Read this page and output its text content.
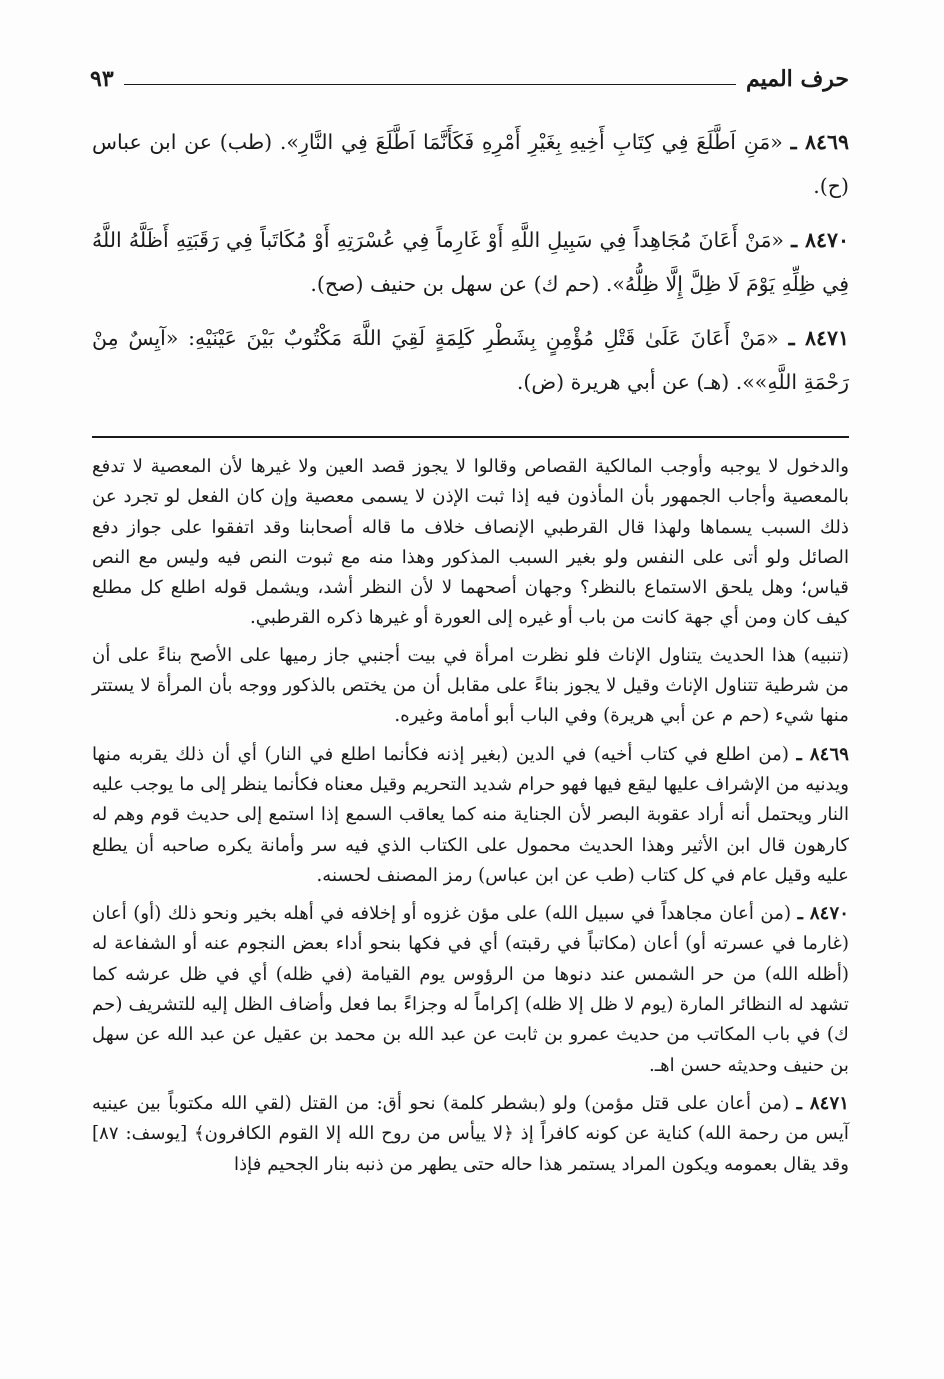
حرف الميم
٩٣

٨٤٦٩ ـ «مَنِ اَطَّلَعَ فِي كِتَابِ أَخِيهِ بِغَيْرِ أَمْرِهِ فَكَأَنَّمَا اَطَّلَعَ فِي النَّارِ». (طب) عن ابن عباس (ح).

٨٤٧٠ ـ «مَنْ أَعَانَ مُجَاهِداً فِي سَبِيلِ اللَّهِ أَوْ غَارِماً فِي عُسْرَتِهِ أَوْ مُكَاتَباً فِي رَقَبَتِهِ أَظَلَّهُ اللَّهُ فِي ظِلِّهِ يَوْمَ لَا ظِلَّ إِلَّا ظِلُّهُ». (حم ك) عن سهل بن حنيف (صح).

٨٤٧١ ـ «مَنْ أَعَانَ عَلَىٰ قَتْلِ مُؤْمِنٍ بِشَطْرِ كَلِمَةٍ لَقِيَ اللَّهَ مَكْتُوبٌ بَيْنَ عَيْنَيْهِ: «آيِسٌ مِنْ رَحْمَةِ اللَّهِ»». (هـ) عن أبي هريرة (ض).

والدخول لا يوجبه وأوجب المالكية القصاص وقالوا لا يجوز قصد العين ولا غيرها لأن المعصية لا تدفع بالمعصية وأجاب الجمهور بأن المأذون فيه إذا ثبت الإذن لا يسمى معصية وإن كان الفعل لو تجرد عن ذلك السبب يسماها ولهذا قال القرطبي الإنصاف خلاف ما قاله أصحابنا وقد اتفقوا على جواز دفع الصائل ولو أتى على النفس ولو بغير السبب المذكور وهذا منه مع ثبوت النص فيه وليس مع النص قياس؛ وهل يلحق الاستماع بالنظر؟ وجهان أصحهما لا لأن النظر أشد، ويشمل قوله اطلع كل مطلع كيف كان ومن أي جهة كانت من باب أو غيره إلى العورة أو غيرها ذكره القرطبي.

(تنبيه) هذا الحديث يتناول الإناث فلو نظرت امرأة في بيت أجنبي جاز رميها على الأصح بناءً على أن من شرطية تتناول الإناث وقيل لا يجوز بناءً على مقابل أن من يختص بالذكور ووجه بأن المرأة لا يستتر منها شيء (حم م عن أبي هريرة) وفي الباب أبو أمامة وغيره.

٨٤٦٩ ـ (من اطلع في كتاب أخيه) في الدين (بغير إذنه فكأنما اطلع في النار) أي أن ذلك يقربه منها ويدنيه من الإشراف عليها ليقع فيها فهو حرام شديد التحريم وقيل معناه فكأنما ينظر إلى ما يوجب عليه النار ويحتمل أنه أراد عقوبة البصر لأن الجناية منه كما يعاقب السمع إذا استمع إلى حديث قوم وهم له كارهون قال ابن الأثير وهذا الحديث محمول على الكتاب الذي فيه سر وأمانة يكره صاحبه أن يطلع عليه وقيل عام في كل كتاب (طب عن ابن عباس) رمز المصنف لحسنه.

٨٤٧٠ ـ (من أعان مجاهداً في سبيل الله) على مؤن غزوه أو إخلافه في أهله بخير ونحو ذلك (أو) أعان (غارما في عسرته أو) أعان (مكاتباً في رقبته) أي في فكها بنحو أداء بعض النجوم عنه أو الشفاعة له (أظله الله) من حر الشمس عند دنوها من الرؤوس يوم القيامة (في ظله) أي في ظل عرشه كما تشهد له النظائر المارة (يوم لا ظل إلا ظله) إكراماً له وجزاءً بما فعل وأضاف الظل إليه للتشريف (حم ك) في باب المكاتب من حديث عمرو بن ثابت عن عبد الله بن محمد بن عقيل عن عبد الله عن سهل بن حنيف وحديثه حسن اهـ.

٨٤٧١ ـ (من أعان على قتل مؤمن) ولو (بشطر كلمة) نحو أق: من القتل (لقي الله مكتوباً بين عينيه آيس من رحمة الله) كناية عن كونه كافراً إذ ﴿لا ييأس من روح الله إلا القوم الكافرون﴾ [يوسف: ٨٧] وقد يقال بعمومه ويكون المراد يستمر هذا حاله حتى يطهر من ذنبه بنار الجحيم فإذا
